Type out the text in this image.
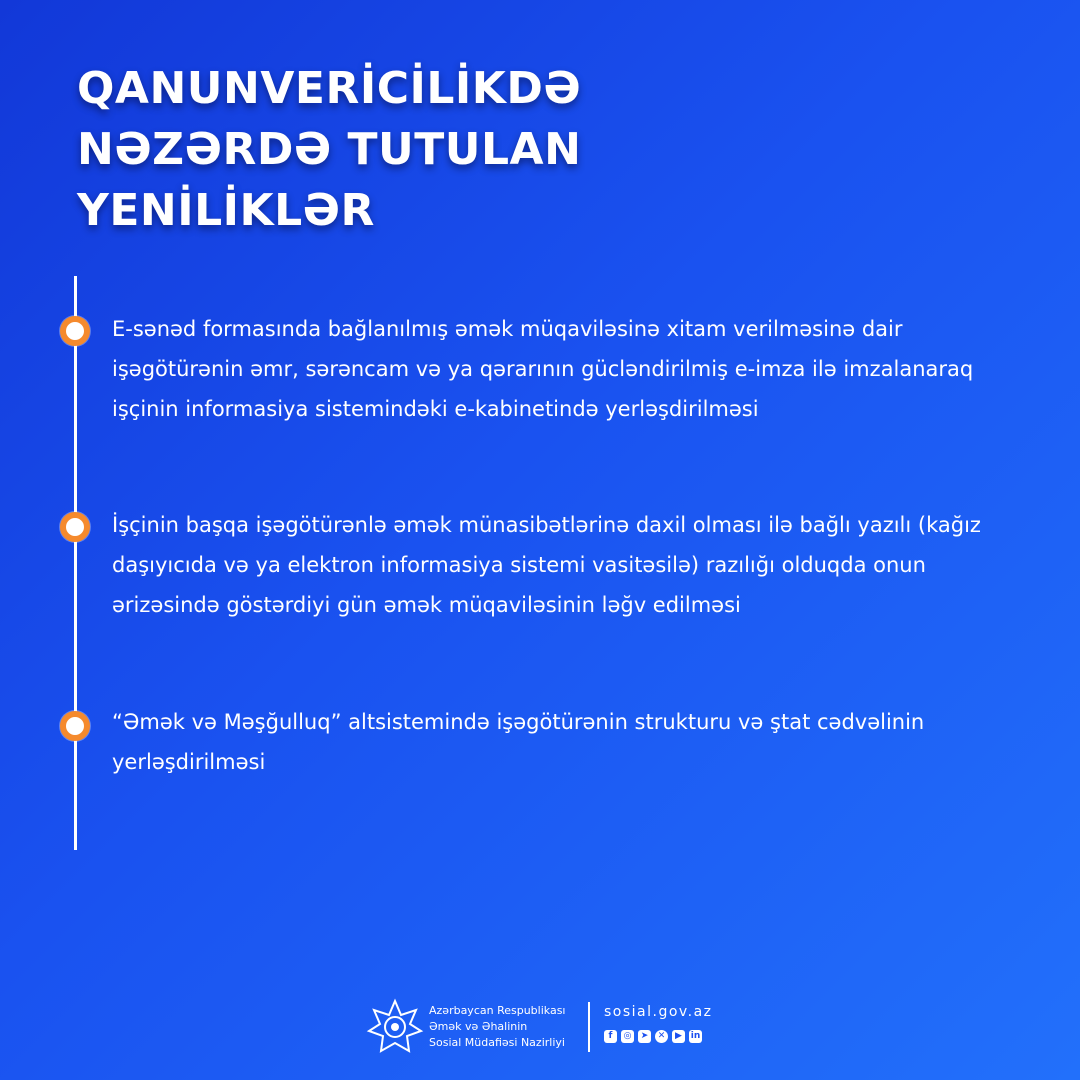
QANUNVERİCİLİKDƏ
NƏZƏRDƏ TUTULAN
YENİLİKLƏR
E-sənəd formasında bağlanılmış əmək müqaviləsinə xitam verilməsinə dair işəgötürənin əmr, sərəncam və ya qərarının gücləndirilmiş e-imza ilə imzalanaraq işçinin informasiya sistemindəki e-kabinetində yerləşdirilməsi
İşçinin başqa işəgötürənlə əmək münasibətlərinə daxil olması ilə bağlı yazılı (kağız daşıyıcıda və ya elektron informasiya sistemi vasitəsilə) razılığı olduqda onun ərizəsində göstərdiyi gün əmək müqaviləsinin ləğv edilməsi
“Əmək və Məşğulluq” altsistemində işəgötürənin strukturu və ştat cədvəlinin yerləşdirilməsi
Azərbaycan Respublikası
Əmək və Əhalinin
Sosial Müdafiəsi Nazirliyi
sosial.gov.az
f	◎	➤	✕	▶ in
